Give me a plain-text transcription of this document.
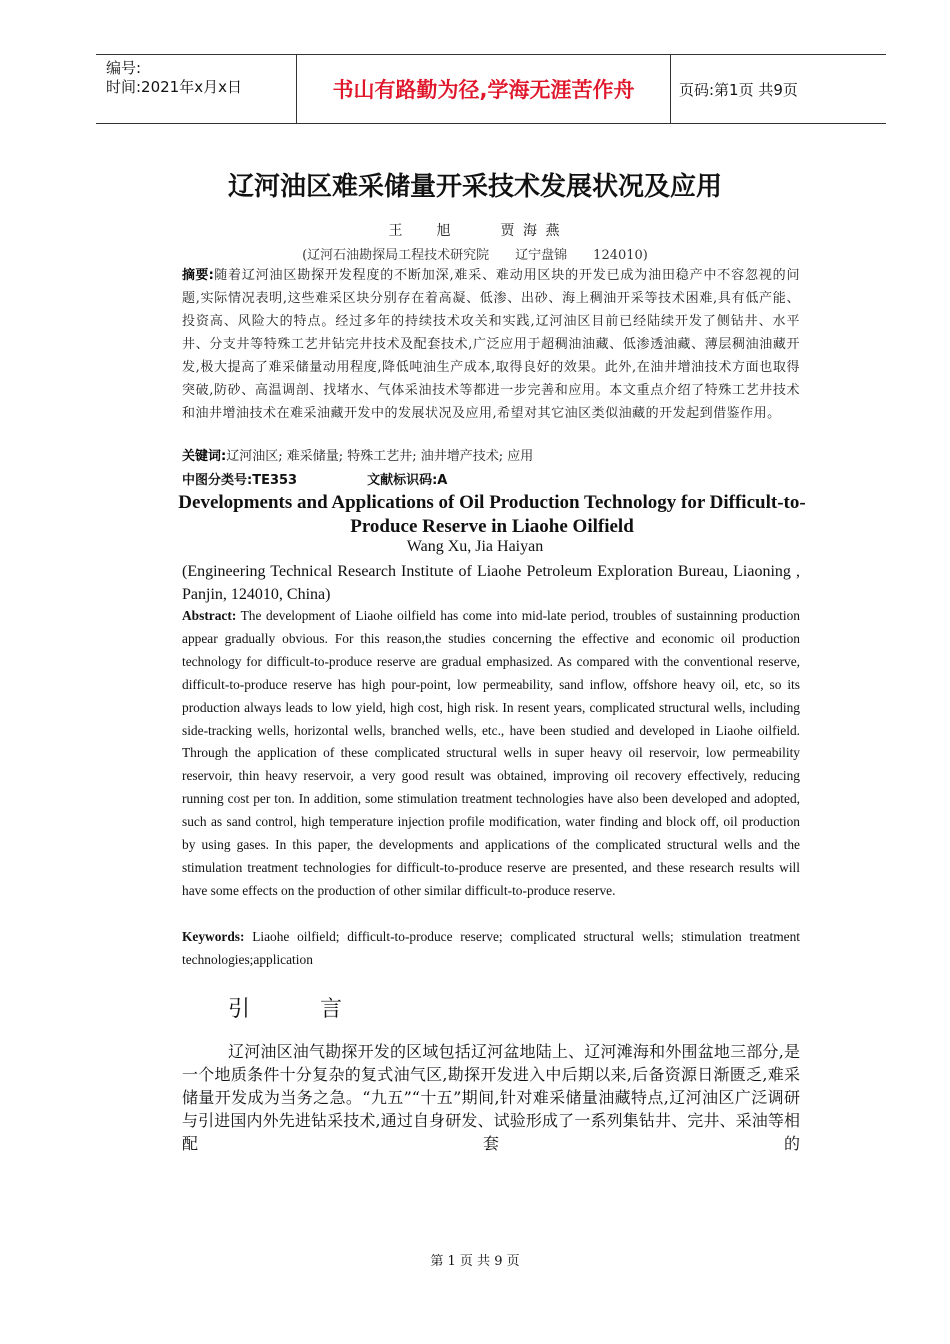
编号:
时间:2021年x月x日	书山有路勤为径,学海无涯苦作舟	页码:第1页 共9页
辽河油区难采储量开采技术发展状况及应用
王　　旭　　　贾 海 燕
(辽河石油勘探局工程技术研究院　　辽宁盘锦　　124010)
摘要:随着辽河油区勘探开发程度的不断加深,难采、难动用区块的开发已成为油田稳产中不容忽视的问题,实际情况表明,这些难采区块分别存在着高凝、低渗、出砂、海上稠油开采等技术困难,具有低产能、投资高、风险大的特点。经过多年的持续技术攻关和实践,辽河油区目前已经陆续开发了侧钻井、水平井、分支井等特殊工艺井钻完井技术及配套技术,广泛应用于超稠油油藏、低渗透油藏、薄层稠油油藏开发,极大提高了难采储量动用程度,降低吨油生产成本,取得良好的效果。此外,在油井增油技术方面也取得突破,防砂、高温调剖、找堵水、气体采油技术等都进一步完善和应用。本文重点介绍了特殊工艺井技术和油井增油技术在难采油藏开发中的发展状况及应用,希望对其它油区类似油藏的开发起到借鉴作用。
关键词:辽河油区; 难采储量; 特殊工艺井; 油井增产技术; 应用
中图分类号:TE353	文献标识码:A
Developments and Applications of Oil Production Technology for Difficult-to-Produce Reserve in Liaohe Oilfield
Wang Xu, Jia Haiyan
(Engineering Technical Research Institute of Liaohe Petroleum Exploration Bureau, Liaoning , Panjin, 124010, China)
Abstract: The development of Liaohe oilfield has come into mid-late period, troubles of sustainning production appear gradually obvious. For this reason,the studies concerning the effective and economic oil production technology for difficult-to-produce reserve are gradual emphasized. As compared with the conventional reserve, difficult-to-produce reserve has high pour-point, low permeability, sand inflow, offshore heavy oil, etc, so its production always leads to low yield, high cost, high risk. In resent years, complicated structural wells, including side-tracking wells, horizontal wells, branched wells, etc., have been studied and developed in Liaohe oilfield. Through the application of these complicated structural wells in super heavy oil reservoir, low permeability reservoir, thin heavy reservoir, a very good result was obtained, improving oil recovery effectively, reducing running cost per ton. In addition, some stimulation treatment technologies have also been developed and adopted, such as sand control, high temperature injection profile modification, water finding and block off, oil production by using gases. In this paper, the developments and applications of the complicated structural wells and the stimulation treatment technologies for difficult-to-produce reserve are presented, and these research results will have some effects on the production of other similar difficult-to-produce reserve.
Keywords: Liaohe oilfield; difficult-to-produce reserve; complicated structural wells; stimulation treatment technologies;application
引　言

辽河油区油气勘探开发的区域包括辽河盆地陆上、辽河滩海和外围盆地三部分,是一个地质条件十分复杂的复式油气区,勘探开发进入中后期以来,后备资源日渐匮乏,难采储量开发成为当务之急。“九五”“十五”期间,针对难采储量油藏特点,辽河油区广泛调研与引进国内外先进钻采技术,通过自身研发、试验形成了一系列集钻井、完井、采油等相配套的

第 1 页 共 9 页
